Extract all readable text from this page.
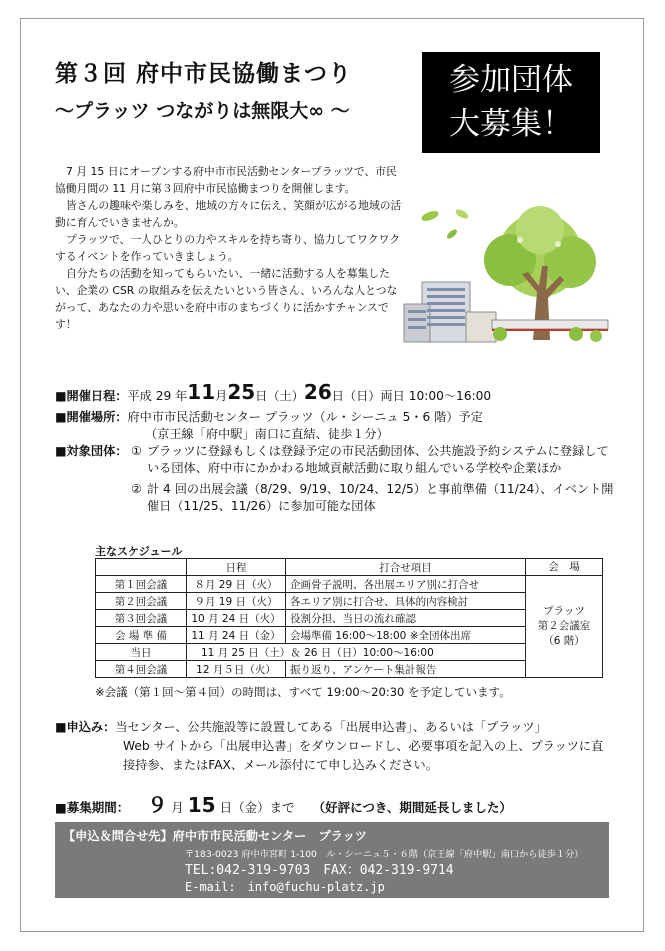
第３回 府中市民協働まつり
〜プラッツ つながりは無限大∞ 〜
参加団体
大募集！

7 月 15 日にオープンする府中市市民活動センタープラッツで、市民協働月間の 11 月に第３回府中市民協働まつりを開催します。

皆さんの趣味や楽しみを、地域の方々に伝え、笑顔が広がる地域の活動に育んでいきませんか。

プラッツで、一人ひとりの力やスキルを持ち寄り、協力してワクワクするイベントを作っていきましょう。

自分たちの活動を知ってもらいたい、一緒に活動する人を募集したい、企業の CSR の取組みを伝えたいという皆さん、いろんな人とつながって、あなたの力や思いを府中市のまちづくりに活かすチャンスです！

■開催日程： 平成 29 年 11 月 25 日（土） 26 日（日）両日 10:00〜16:00
■開催場所： 府中市市民活動センター プラッツ（ル・シーニュ 5・6 階）予定
（京王線「府中駅」南口に直結、徒歩１分）
■対象団体： ① プラッツに登録もしくは登録予定の市民活動団体、公共施設予約システムに登録している団体、府中市にかかわる地域貢献活動に取り組んでいる学校や企業ほか
② 計 4 回の出展会議（8/29、9/19、10/24、12/5）と事前準備（11/24）、イベント開催日（11/25、11/26）に参加可能な団体
主なスケジュール
	日程	打合せ項目	会　場
第１回会議	８月 29 日（火）	企画骨子説明、各出展エリア別に打合せ	プラッツ
第２会議室
（6 階）

第２回会議	９月 19 日（火）	各エリア別に打合せ、具体的内容検討	
第３回会議	10 月 24 日（火）	役割分担、当日の流れ確認	
会 場 準 備	11 月 24 日（金）	会場準備 16:00〜18:00 ※全団体出席	
当日	11 月 25 日（土）＆ 26 日（日）10:00〜16:00		
第４回会議	12 月５日（火）	振り返り、アンケート集計報告	
※会議（第１回〜第４回）の時間は、すべて 19:00〜20:30 を予定しています。
■申込み：当センター、公共施設等に設置してある「出展申込書」、あるいは「プラッツ」
Web サイトから「出展申込書」をダウンロードし、必要事項を記入の上、プラッツに直接持参、またはFAX、メール添付にて申し込みください。
■募集期間： ９ 月 15 日（金）まで （好評につき、期間延長しました）
【申込＆問合せ先】府中市市民活動センター　プラッツ
〒183-0023 府中市宮町 1-100　ル・シーニュ５・６階（京王線「府中駅」南口から徒歩１分）
TEL:042-319-9703　FAX：042-319-9714
E-mail:　info@fuchu-platz.jp
